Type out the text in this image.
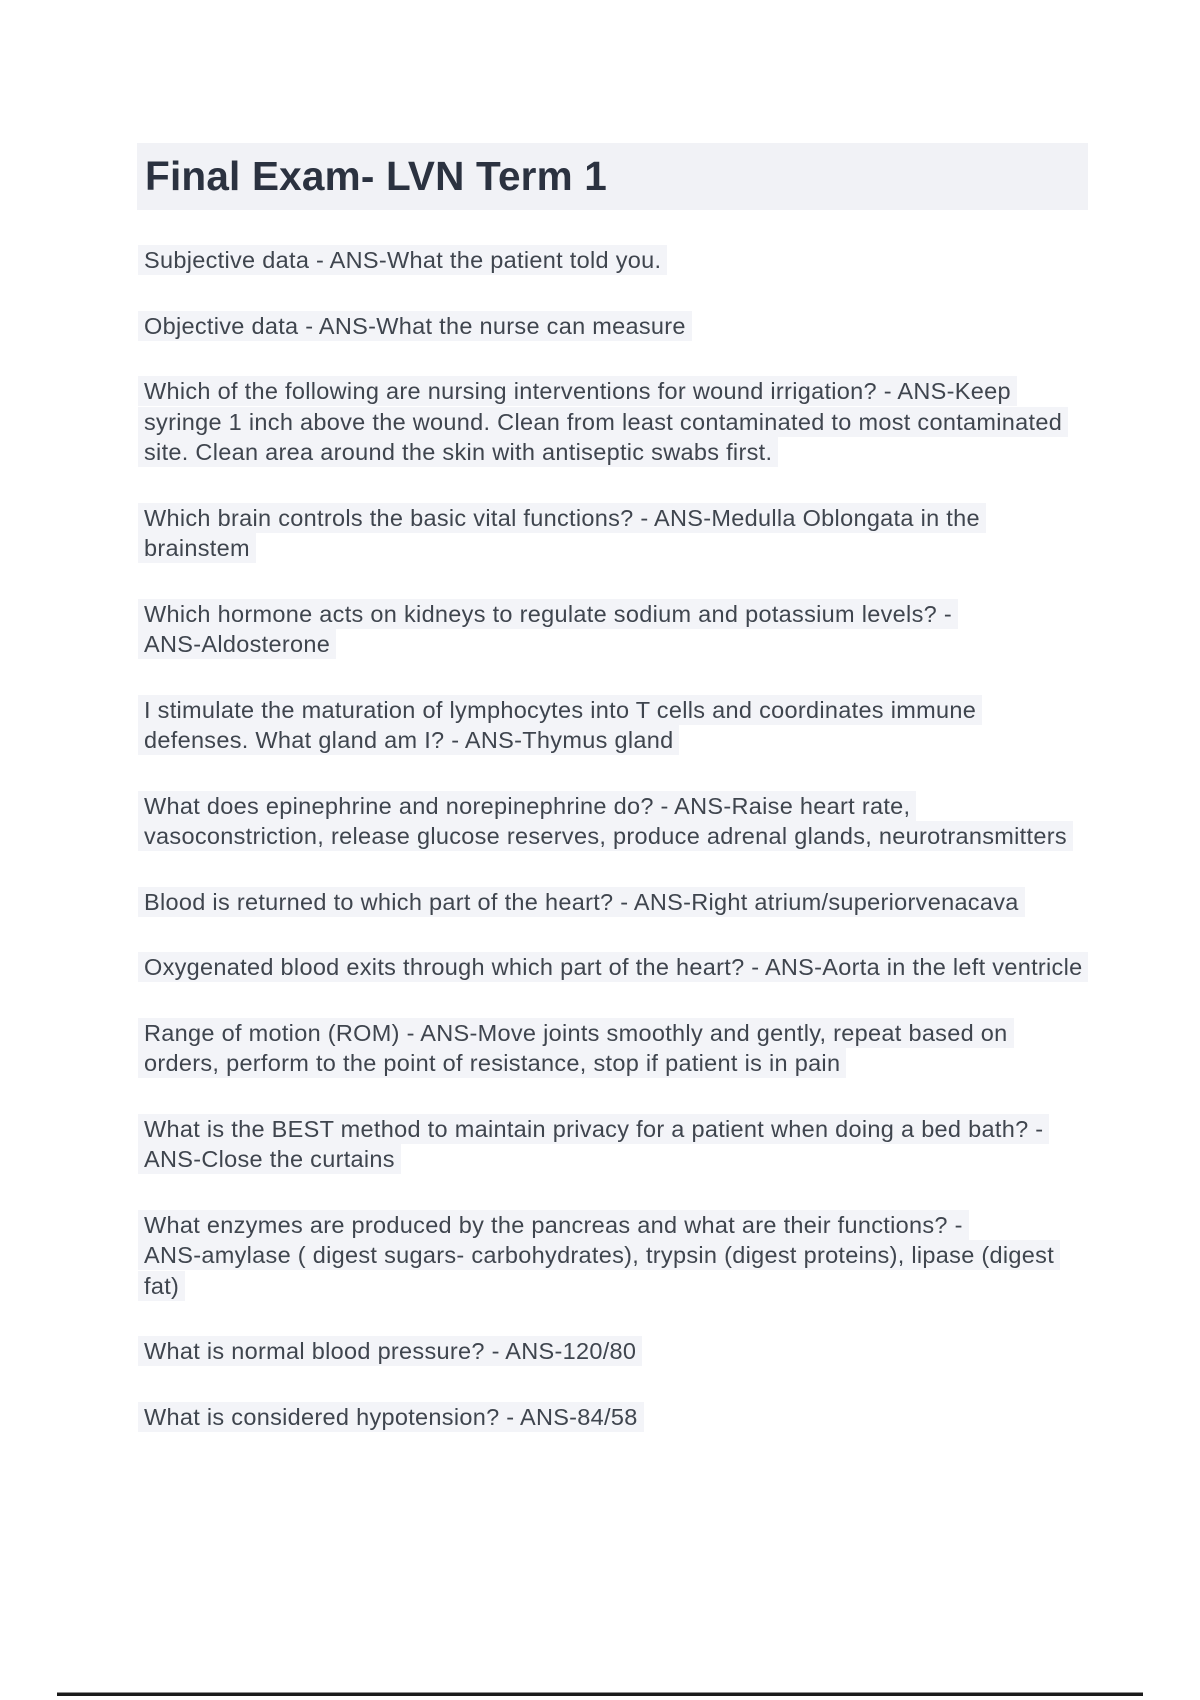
Final Exam- LVN Term 1
Subjective data - ANS-What the patient told you.
Objective data - ANS-What the nurse can measure
Which of the following are nursing interventions for wound irrigation? - ANS-Keep
syringe 1 inch above the wound. Clean from least contaminated to most contaminated
site. Clean area around the skin with antiseptic swabs first.
Which brain controls the basic vital functions? - ANS-Medulla Oblongata in the
brainstem
Which hormone acts on kidneys to regulate sodium and potassium levels? -
ANS-Aldosterone
I stimulate the maturation of lymphocytes into T cells and coordinates immune
defenses. What gland am I? - ANS-Thymus gland
What does epinephrine and norepinephrine do? - ANS-Raise heart rate,
vasoconstriction, release glucose reserves, produce adrenal glands, neurotransmitters
Blood is returned to which part of the heart? - ANS-Right atrium/superiorvenacava
Oxygenated blood exits through which part of the heart? - ANS-Aorta in the left ventricle
Range of motion (ROM) - ANS-Move joints smoothly and gently, repeat based on
orders, perform to the point of resistance, stop if patient is in pain
What is the BEST method to maintain privacy for a patient when doing a bed bath? -
ANS-Close the curtains
What enzymes are produced by the pancreas and what are their functions? -
ANS-amylase ( digest sugars- carbohydrates), trypsin (digest proteins), lipase (digest
fat)
What is normal blood pressure? - ANS-120/80
What is considered hypotension? - ANS-84/58
